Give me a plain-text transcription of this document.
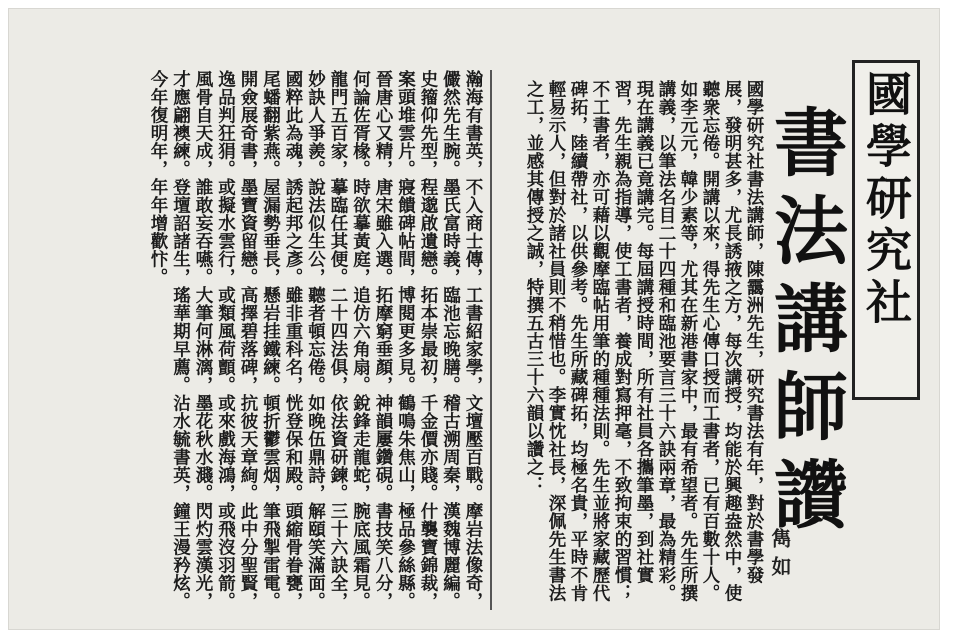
國學研究社
書法講師讚
雋如

國學研究社書法講師，陳靄洲先生，研究書法有年，對於書學發展，發明甚多，尤長誘掖之方，每次講授，均能於興趣盎然中，使聽衆忘倦。開講以來，得先生心傳口授而工書者，已有百數十人。如李元元，韓少素等，尤其在新港書家中，最有希望者。先生所撰講義，以筆法名目二十四種和臨池要言三十六訣兩章，最為精彩。現在講義已竟講完。每屆講授時間，所有社員各攜筆墨，到社實習，先生親為指導，使工書者，養成對寫押毫，不致拘束的習慣；不工書者，亦可藉以觀摩臨帖用筆的種種法則。先生並將家藏歷代碑拓，陸續帶社，以供參考。先生所藏碑拓，均極名貴，平時不肯輕易示人，但對於諸社員則不稍惜也。李實忱社長，深佩先生書法之工，並感其傳授之誠，特撰五古三十六韻以讚之：

瀚海有書英，不入商士傳，工書紹家學，文壇壓百戰。摩岩法像奇，儼然先生腕。墨氏富時義，臨池忘晚膳。稽古溯周秦，漢魏博麗編。史籀仰先型，程邈啟遺戀。拓本崇最初，千金價亦賤。什襲寶錦裁，案頭堆雲片。寢饋碑帖間，博閱更多見。鶴鳴朱焦山，極品參絲縣。晉唐心又精，唐宋雖入選。拓摩窮垂顏，神韻屢鑽硯。書技笑八分，何論佐胥椽。時欲摹黃庭，追仿六角扇。銳鋒走龍蛇，腕底風霜見。龍門五百家，摹臨任其便。二十四法俱，依法資研鍊。三十六訣全，妙訣人爭羨。說法似生公，聽者頓忘倦。如晚伍鼎詩，解頤笑滿面。國粹此為魂，誘起邦之彥。雖非重科名，恍登保和殿。頭縮骨眷甕，尾蟠翻紫燕。屋漏勢垂長，懸岩挂鐵練。頓折鬱雲烟，筆飛掣雷電。開僉展奇書，墨寶資留戀。高擇碧落碑，抗彼天章絢。此中分聖賢，逸品判狂狷。或擬水雲行，或類風荷顫。或來戲海鴻，或飛沒羽箭。風骨自天成，誰敢妄吞嚥。大筆何淋漓，墨花秋水濺。閃灼雲漢光，才應翩襖練。登壇詔諸生，瑤華期早薦。沾水毓書英，鐘王漫矜炫。今年復明年，年年增歡忭。
